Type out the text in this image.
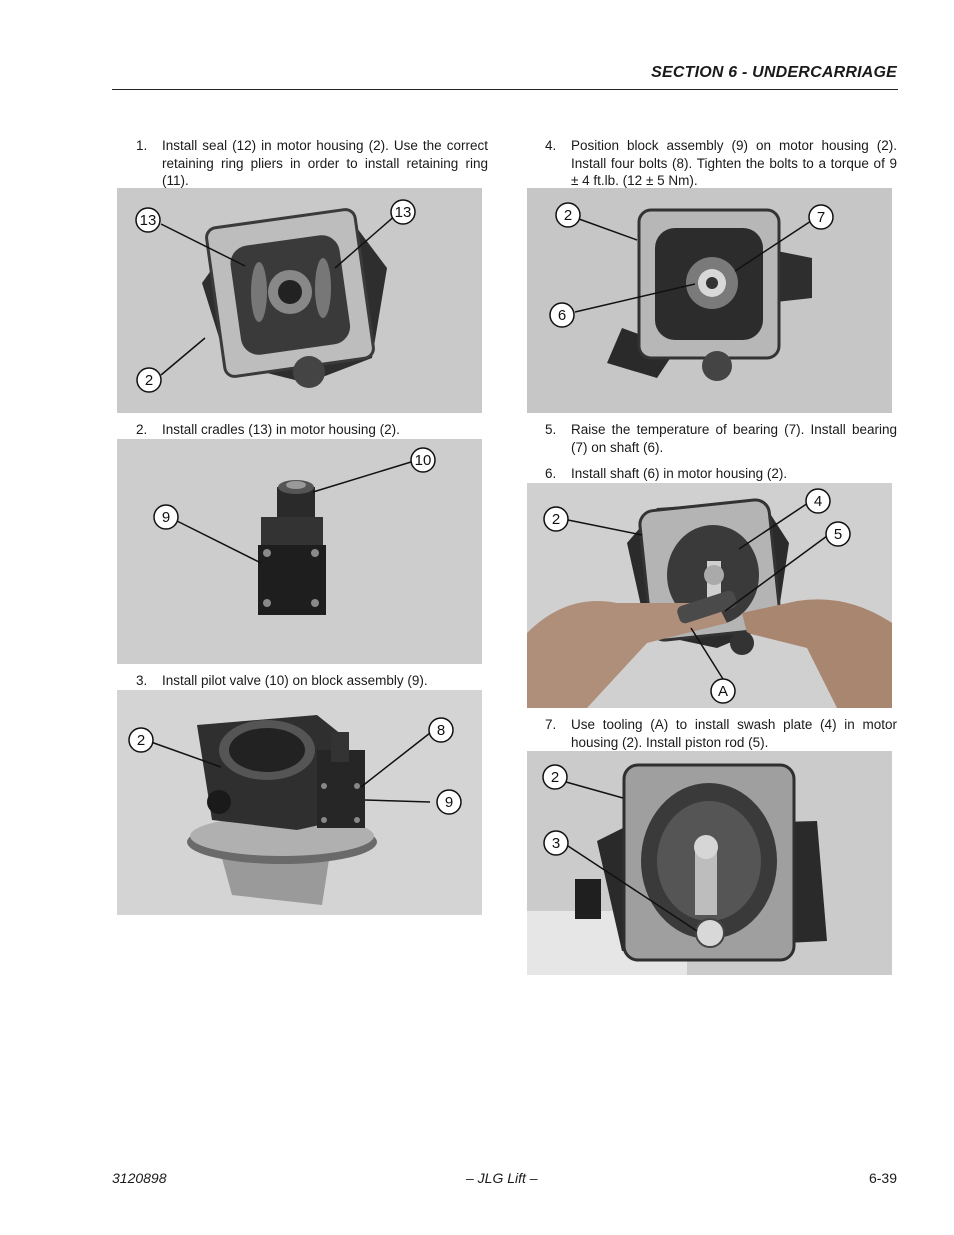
SECTION 6 - UNDERCARRIAGE
1. Install seal (12) in motor housing (2). Use the correct retaining ring pliers in order to install retaining ring (11).
13	13
2
2. Install cradles (13) in motor housing (2).
10
9
3. Install pilot valve (10) on block assembly (9).
2
8
9
4. Position block assembly (9) on motor housing (2). Install four bolts (8). Tighten the bolts to a torque of 9 ± 4 ft.lb. (12 ± 5 Nm).
2	7
6
5. Raise the temperature of bearing (7). Install bearing (7) on shaft (6).
6. Install shaft (6) in motor housing (2).
2
4
5
A
7. Use tooling (A) to install swash plate (4) in motor housing (2). Install piston rod (5).
2
3
3120898	– JLG Lift –	6-39
